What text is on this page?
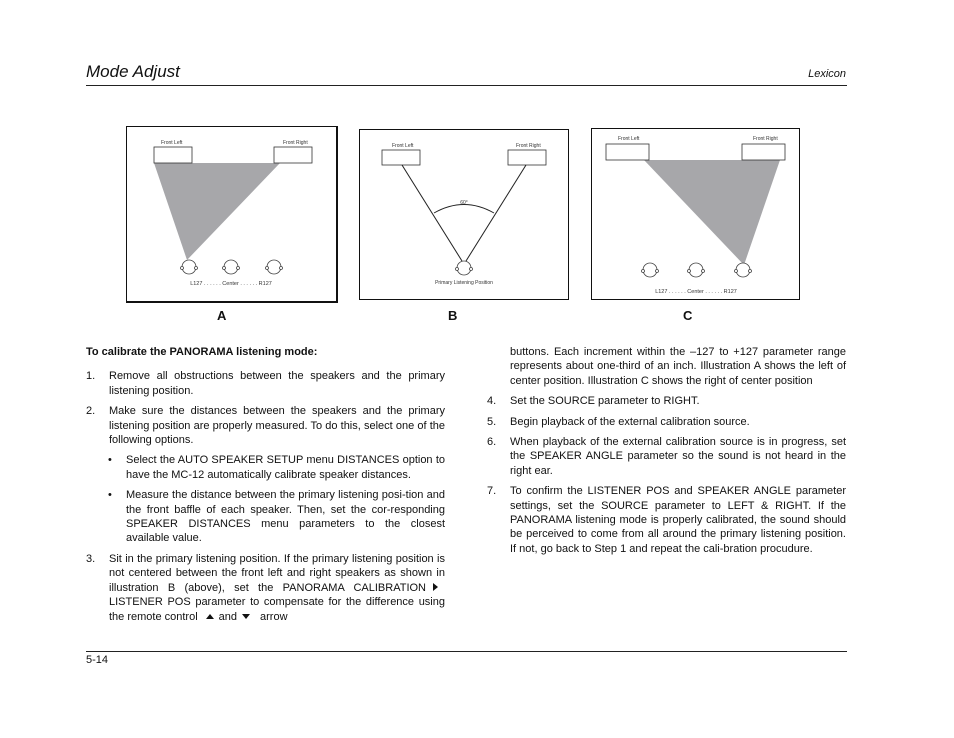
Mode Adjust	Lexicon
Front Left	Front Right
L127 . . . . . . Center . . . . . . R127
Front Left	Front Right
60°
Primary Listening Position
Front Left	Front Right
L127 . . . . . . Center . . . . . . R127
A	B	C

To calibrate the PANORAMA listening mode:

1. Remove all obstructions between the speakers and the primary listening position.

2. Make sure the distances between the speakers and the primary listening position are properly measured. To do this, select one of the following options.

• Select the AUTO SPEAKER SETUP menu DISTANCES option to have the MC-12 automatically calibrate speaker distances.

• Measure the distance between the primary listening posi-tion and the front baffle of each speaker. Then, set the cor-responding SPEAKER DISTANCES menu parameters to the closest available value.

3. Sit in the primary listening position. If the primary listening position is not centered between the front left and right speakers as shown in illustration B (above), set the PANORAMA CALIBRATIONLISTENER POS parameter to compensate for the difference using the remote control and arrow

buttons. Each increment within the –127 to +127 parameter range represents about one-third of an inch. Illustration A shows the left of center position. Illustration C shows the right of center position

4. Set the SOURCE parameter to RIGHT.

5. Begin playback of the external calibration source.

6. When playback of the external calibration source is in progress, set the SPEAKER ANGLE parameter so the sound is not heard in the right ear.

7. To confirm the LISTENER POS and SPEAKER ANGLE parameter settings, set the SOURCE parameter to LEFT & RIGHT. If the PANORAMA listening mode is properly calibrated, the sound should be perceived to come from all around the primary listening position. If not, go back to Step 1 and repeat the cali-bration procudure.

5-14
